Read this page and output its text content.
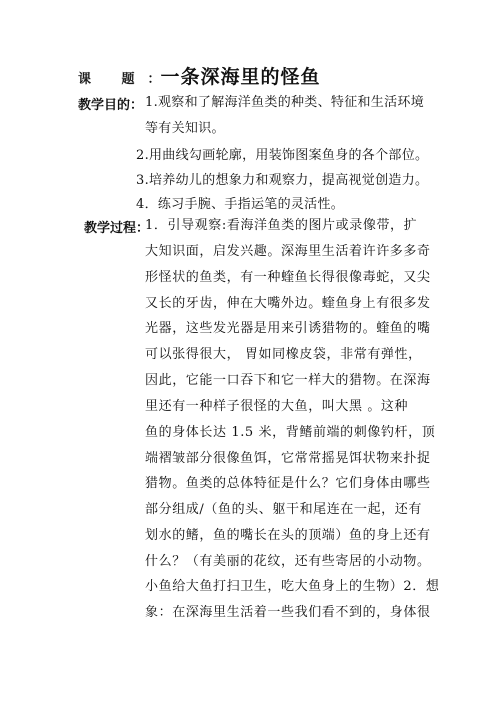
课 题 ： 一条深海里的怪鱼
教学目的： 1.观察和了解海洋鱼类的种类、特征和生活环境
等有关知识。
2.用曲线勾画轮廓，用装饰图案鱼身的各个部位。
3.培养幼儿的想象力和观察力，提高视觉创造力。
4．练习手腕、手指运笔的灵活性。
教学过程：
1．引导观察:看海洋鱼类的图片或录像带，扩
大知识面，启发兴趣。深海里生活着许许多多奇
形怪状的鱼类，有一种蝰鱼长得很像毒蛇，又尖
又长的牙齿，伸在大嘴外边。蝰鱼身上有很多发
光器，这些发光器是用来引诱猎物的。蝰鱼的嘴
可以张得很大， 胃如同橡皮袋，非常有弹性，
因此，它能一口吞下和它一样大的猎物。在深海
里还有一种样子很怪的大鱼，叫大黑 。这种
鱼的身体长达 1.5 米，背鳍前端的刺像钓杆，顶
端褶皱部分很像鱼饵，它常常摇晃饵状物来扑捉
猎物。鱼类的总体特征是什么？它们身体由哪些
部分组成/（鱼的头、躯干和尾连在一起，还有
划水的鳍，鱼的嘴长在头的顶端）鱼的身上还有
什么？（有美丽的花纹，还有些寄居的小动物。
小鱼给大鱼打扫卫生，吃大鱼身上的生物）2．想
象：在深海里生活着一些我们看不到的，身体很
